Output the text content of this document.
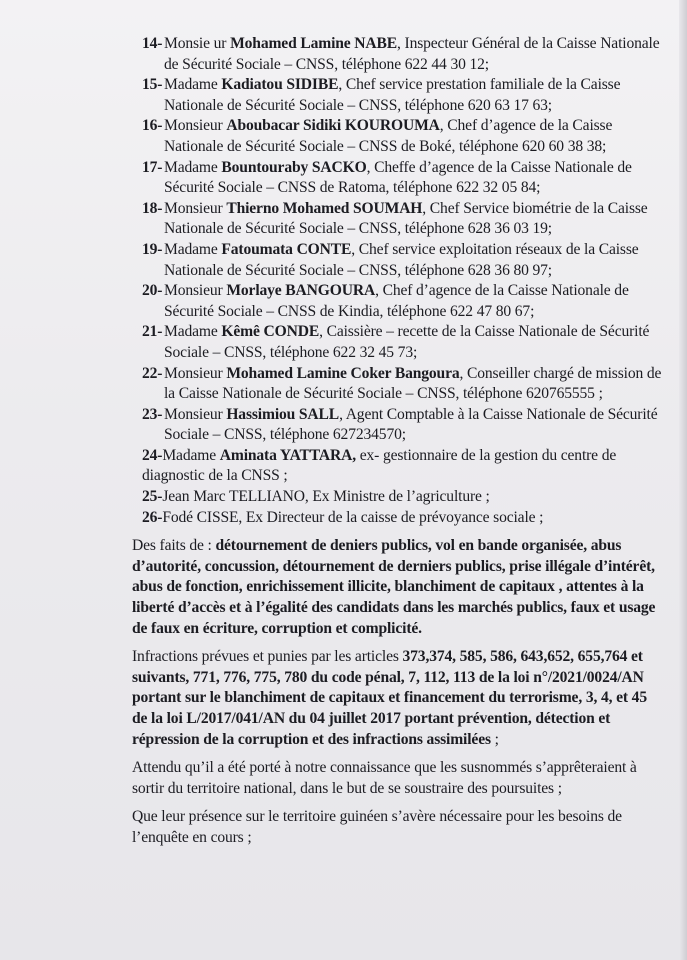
14- Monsie ur Mohamed Lamine NABE, Inspecteur Général de la Caisse Nationale de Sécurité Sociale – CNSS, téléphone 622 44 30 12;
15- Madame Kadiatou SIDIBE, Chef service prestation familiale de la Caisse Nationale de Sécurité Sociale – CNSS, téléphone 620 63 17 63;
16- Monsieur Aboubacar Sidiki KOUROUMA, Chef d’agence de la Caisse Nationale de Sécurité Sociale – CNSS de Boké, téléphone 620 60 38 38;
17- Madame Bountouraby SACKO, Cheffe d’agence de la Caisse Nationale de Sécurité Sociale – CNSS de Ratoma, téléphone 622 32 05 84;
18- Monsieur Thierno Mohamed SOUMAH, Chef Service biométrie de la Caisse Nationale de Sécurité Sociale – CNSS, téléphone 628 36 03 19;
19- Madame Fatoumata CONTE, Chef service exploitation réseaux de la Caisse Nationale de Sécurité Sociale – CNSS, téléphone 628 36 80 97;
20- Monsieur Morlaye BANGOURA, Chef d’agence de la Caisse Nationale de Sécurité Sociale – CNSS de Kindia, téléphone 622 47 80 67;
21- Madame Kêmê CONDE, Caissière – recette de la Caisse Nationale de Sécurité Sociale – CNSS, téléphone 622 32 45 73;
22- Monsieur Mohamed Lamine Coker Bangoura, Conseiller chargé de mission de la Caisse Nationale de Sécurité Sociale – CNSS, téléphone 620765555 ;
23- Monsieur Hassimiou SALL, Agent Comptable à la Caisse Nationale de Sécurité Sociale – CNSS, téléphone 627234570;
24-Madame Aminata YATTARA, ex- gestionnaire de la gestion du centre de diagnostic de la CNSS ;
25-Jean Marc TELLIANO, Ex Ministre de l’agriculture ;
26-Fodé CISSE, Ex Directeur de la caisse de prévoyance sociale ;
Des faits de : détournement de deniers publics, vol en bande organisée, abus d’autorité, concussion, détournement de derniers publics, prise illégale d’intérêt, abus de fonction, enrichissement illicite, blanchiment de capitaux , attentes à la liberté d’accès et à l’égalité des candidats dans les marchés publics, faux et usage de faux en écriture, corruption et complicité.
Infractions prévues et punies par les articles 373,374, 585, 586, 643,652, 655,764 et suivants, 771, 776, 775, 780 du code pénal, 7, 112, 113 de la loi n°/2021/0024/AN portant sur le blanchiment de capitaux et financement du terrorisme, 3, 4, et 45 de la loi L/2017/041/AN du 04 juillet 2017 portant prévention, détection et répression de la corruption et des infractions assimilées ;
Attendu qu’il a été porté à notre connaissance que les susnommés s’apprêteraient à sortir du territoire national, dans le but de se soustraire des poursuites ;
Que leur présence sur le territoire guinéen s’avère nécessaire pour les besoins de l’enquête en cours ;
